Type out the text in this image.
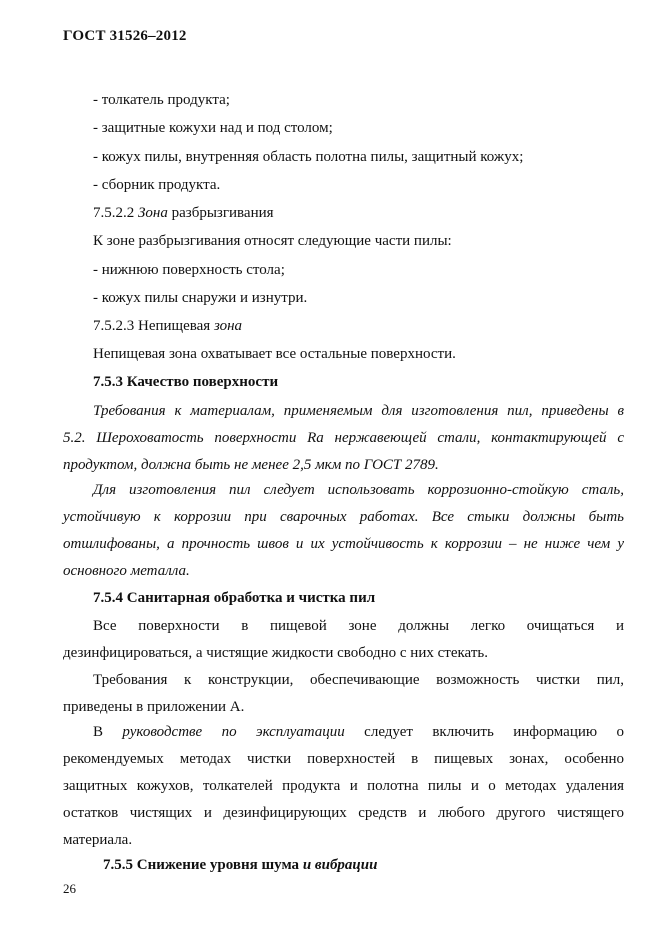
ГОСТ 31526–2012
- толкатель продукта;
- защитные кожухи над и под столом;
- кожух пилы, внутренняя область полотна пилы, защитный кожух;
- сборник продукта.
7.5.2.2 Зона разбрызгивания
К зоне разбрызгивания относят следующие части пилы:
- нижнюю поверхность стола;
- кожух пилы снаружи и изнутри.
7.5.2.3 Непищевая зона
Непищевая зона охватывает все остальные поверхности.
7.5.3 Качество поверхности
Требования к материалам, применяемым для изготовления пил, приведены в
5.2. Шероховатость поверхности Ra нержавеющей стали, контактирующей с
продуктом, должна быть не менее 2,5 мкм по ГОСТ 2789.
Для изготовления пил следует использовать коррозионно-стойкую сталь,
устойчивую к коррозии при сварочных работах. Все стыки должны быть
отшлифованы, а прочность швов и их устойчивость к коррозии – не ниже чем у
основного металла.
7.5.4 Санитарная обработка и чистка пил
Все поверхности в пищевой зоне должны легко очищаться и
дезинфицироваться, а чистящие жидкости свободно с них стекать.
Требования к конструкции, обеспечивающие возможность чистки пил,
приведены в приложении А.
В руководстве по эксплуатации следует включить информацию о
рекомендуемых методах чистки поверхностей в пищевых зонах, особенно
защитных кожухов, толкателей продукта и полотна пилы и о методах удаления
остатков чистящих и дезинфицирующих средств и любого другого чистящего
материала.
7.5.5 Снижение уровня шума и вибрации
26
